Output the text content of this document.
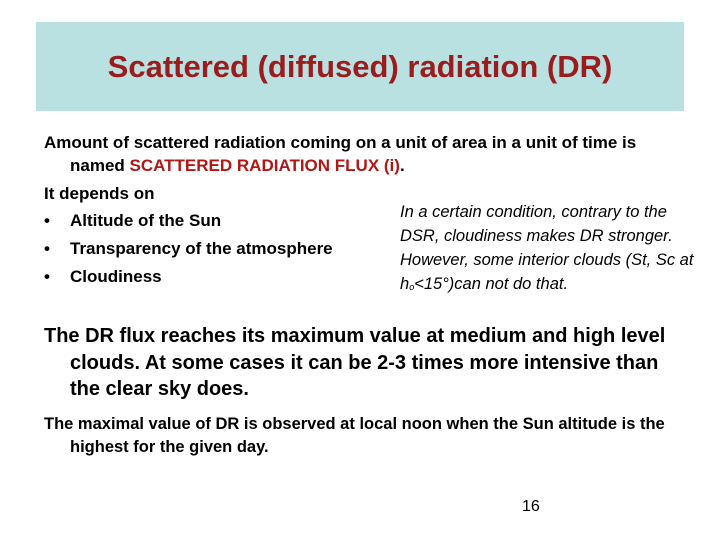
Scattered (diffused) radiation (DR)
Amount of scattered radiation coming on a unit of area in a unit of time is named SCATTERED RADIATION FLUX (i).
It depends on
•	Altitude of the Sun
•	Transparency of the atmosphere
•	Cloudiness
In a certain condition, contrary to the DSR, cloudiness makes DR stronger. However, some interior clouds (St, Sc at $h_o<15^\circ)can$ not do that.
The DR flux reaches its maximum value at medium and high level clouds. At some cases it can be 2-3 times more intensive than the clear sky does.
The maximal value of DR is observed at local noon when the Sun altitude is the highest for the given day.
16
